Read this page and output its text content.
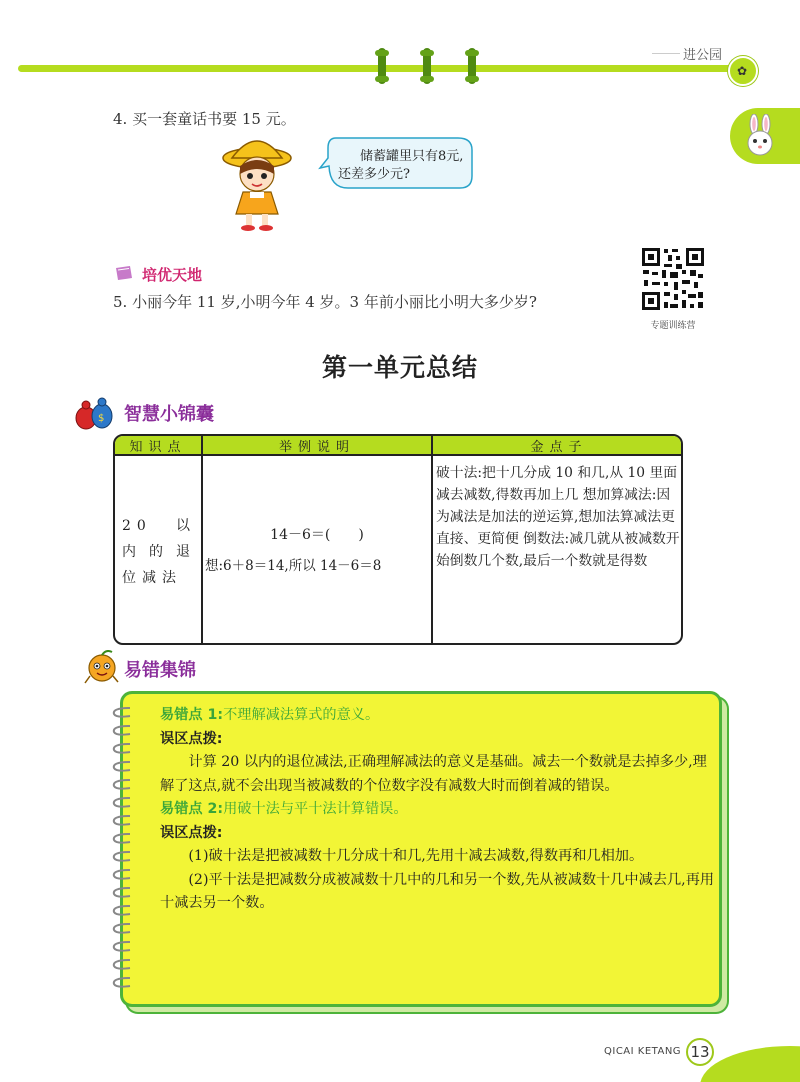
进公园
✿
4. 买一套童话书要 15 元。
储蓄罐里只有8元,
还差多少元?
培优天地
5. 小丽今年 11 岁,小明今年 4 岁。3 年前小丽比小明大多少岁?
专题训练营
第一单元总结
$ 智慧小锦囊
知识点	举例说明	金点子
20 以内的退位减法
14－6＝(　　)
想:6＋8＝14,所以 14－6＝8
破十法:把十几分成 10 和几,从 10 里面减去减数,得数再加上几 想加算减法:因为减法是加法的逆运算,想加法算减法更直接、更简便 倒数法:减几就从被减数开始倒数几个数,最后一个数就是得数
易错集锦

易错点 1:不理解减法算式的意义。

误区点拨:

计算 20 以内的退位减法,正确理解减法的意义是基础。减去一个数就是去掉多少,理解了这点,就不会出现当被减数的个位数字没有减数大时而倒着减的错误。

易错点 2:用破十法与平十法计算错误。

误区点拨:

(1)破十法是把被减数十几分成十和几,先用十减去减数,得数再和几相加。

(2)平十法是把减数分成被减数十几中的几和另一个数,先从被减数十几中减去几,再用十减去另一个数。

QICAI KETANG 13
